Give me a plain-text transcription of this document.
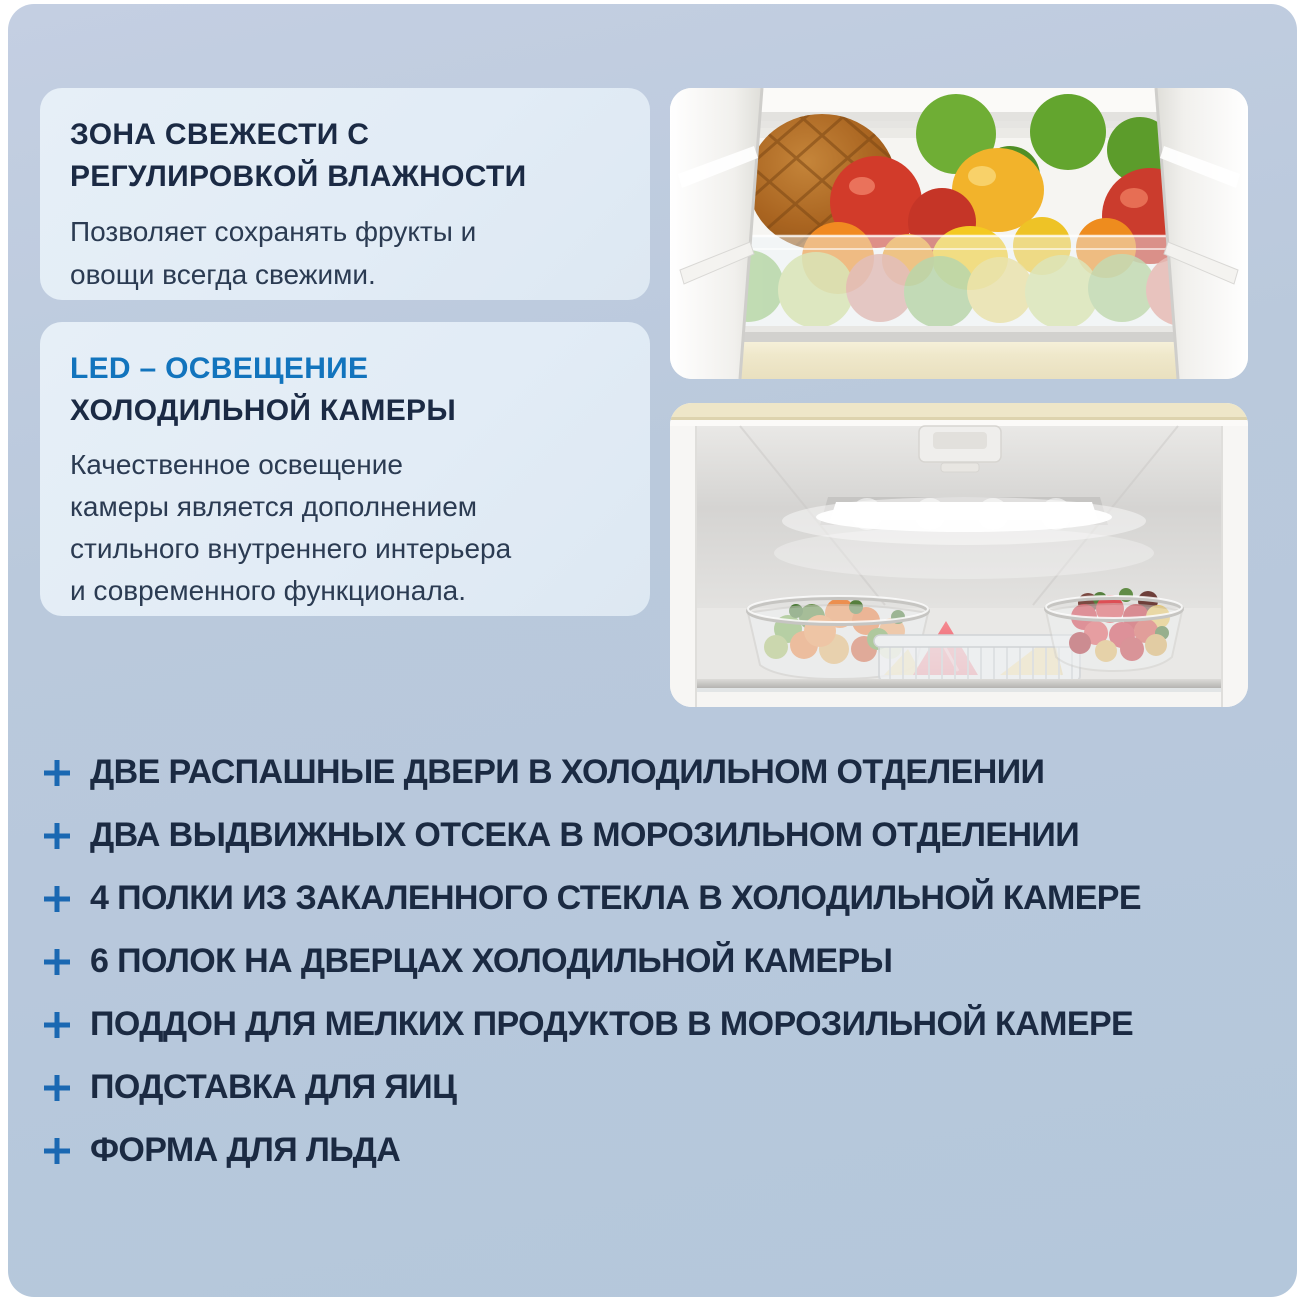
ЗОНА СВЕЖЕСТИ С
РЕГУЛИРОВКОЙ ВЛАЖНОСТИ

Позволяет сохранять фрукты и
овощи всегда свежими.

LED – ОСВЕЩЕНИЕ
ХОЛОДИЛЬНОЙ КАМЕРЫ

Качественное освещение
камеры является дополнением
стильного внутреннего интерьера
и современного функционала.

ДВЕ РАСПАШНЫЕ ДВЕРИ В ХОЛОДИЛЬНОМ ОТДЕЛЕНИИ
ДВА ВЫДВИЖНЫХ ОТСЕКА В МОРОЗИЛЬНОМ ОТДЕЛЕНИИ
4 ПОЛКИ ИЗ ЗАКАЛЕННОГО СТЕКЛА В ХОЛОДИЛЬНОЙ КАМЕРЕ
6 ПОЛОК НА ДВЕРЦАХ ХОЛОДИЛЬНОЙ КАМЕРЫ
ПОДДОН ДЛЯ МЕЛКИХ ПРОДУКТОВ В МОРОЗИЛЬНОЙ КАМЕРЕ
ПОДСТАВКА ДЛЯ ЯИЦ
ФОРМА ДЛЯ ЛЬДА
